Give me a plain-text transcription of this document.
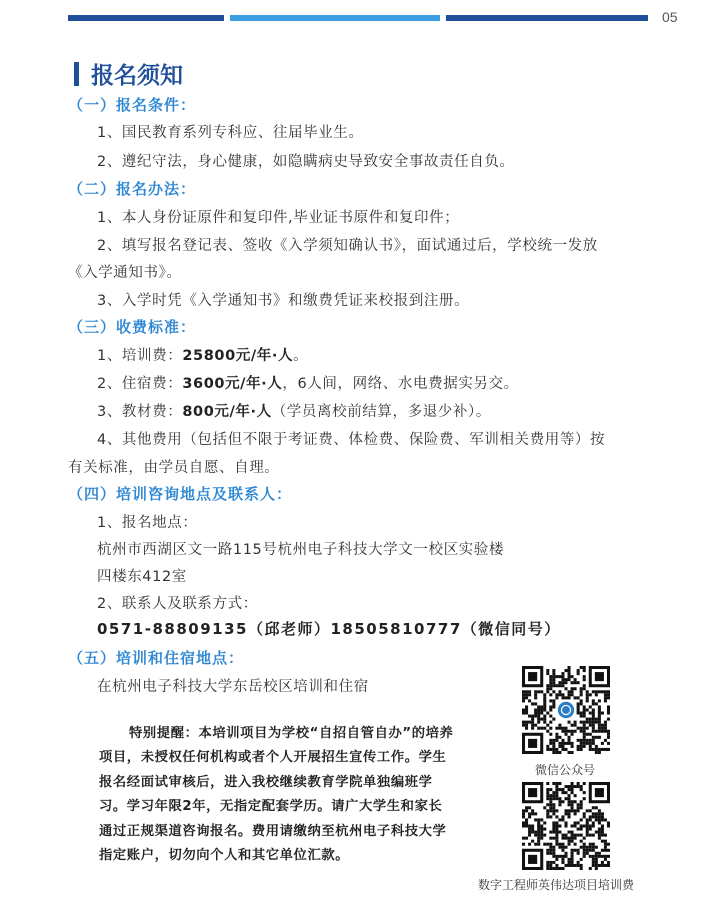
05
报名须知
（一）报名条件：
1、国民教育系列专科应、往届毕业生。
2、遵纪守法，身心健康，如隐瞒病史导致安全事故责任自负。
（二）报名办法：
1、本人身份证原件和复印件,毕业证书原件和复印件；
2、填写报名登记表、签收《入学须知确认书》，面试通过后，学校统一发放
《入学通知书》。
3、入学时凭《入学通知书》和缴费凭证来校报到注册。
（三）收费标准：
1、培训费：25800元/年·人。
2、住宿费：3600元/年·人，6人间，网络、水电费据实另交。
3、教材费：800元/年·人（学员离校前结算，多退少补）。
4、其他费用（包括但不限于考证费、体检费、保险费、军训相关费用等）按
有关标准，由学员自愿、自理。
（四）培训咨询地点及联系人：
1、报名地点：
杭州市西湖区文一路115号杭州电子科技大学文一校区实验楼
四楼东412室
2、联系人及联系方式：
0571-88809135（邱老师）18505810777（微信同号）
（五）培训和住宿地点：
在杭州电子科技大学东岳校区培训和住宿
特别提醒：本培训项目为学校“自招自管自办”的培养项目，未授权任何机构或者个人开展招生宣传工作。学生报名经面试审核后，进入我校继续教育学院单独编班学习。学习年限2年，无指定配套学历。请广大学生和家长通过正规渠道咨询报名。费用请缴纳至杭州电子科技大学指定账户，切勿向个人和其它单位汇款。
微信公众号
数字工程师英伟达项目培训费
